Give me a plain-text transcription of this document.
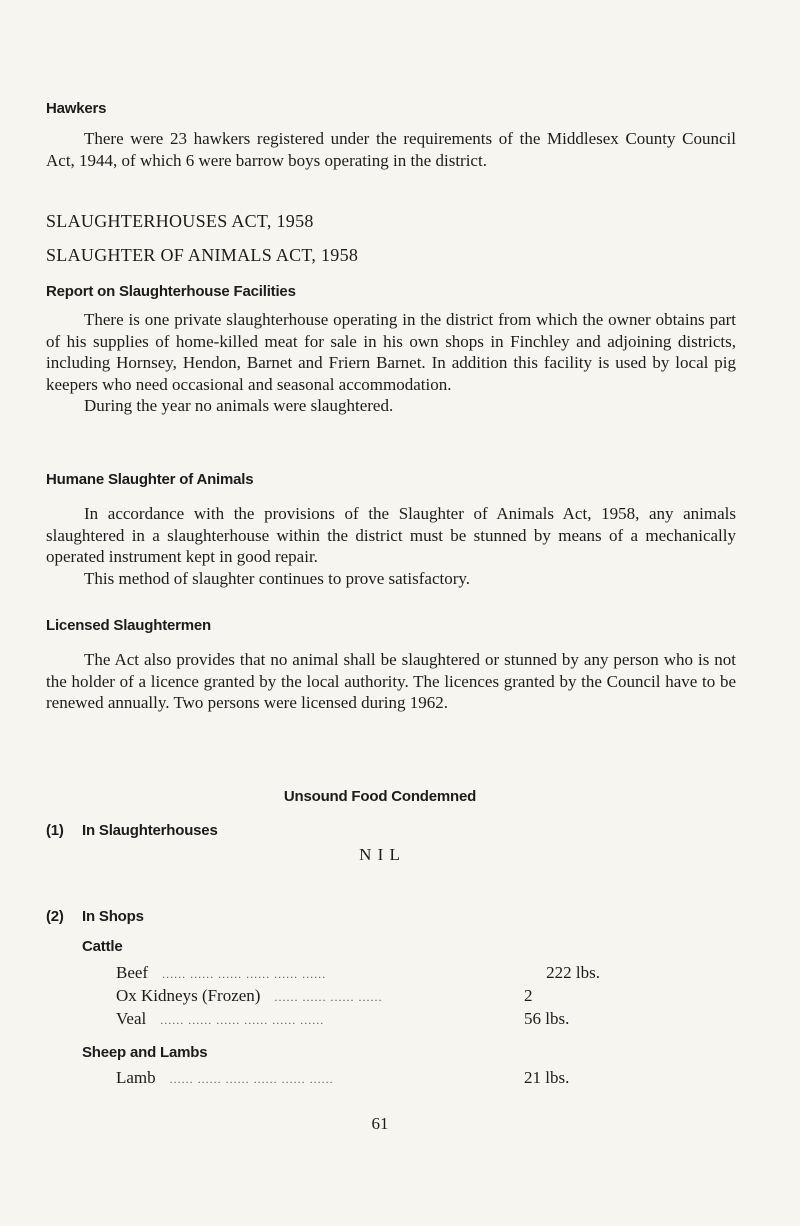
Hawkers

There were 23 hawkers registered under the requirements of the Middlesex County Council Act, 1944, of which 6 were barrow boys operating in the district.

SLAUGHTERHOUSES ACT, 1958
SLAUGHTER OF ANIMALS ACT, 1958
Report on Slaughterhouse Facilities

There is one private slaughterhouse operating in the district from which the owner obtains part of his supplies of home-killed meat for sale in his own shops in Finchley and adjoining districts, including Hornsey, Hendon, Barnet and Friern Barnet. In addition this facility is used by local pig keepers who need occasional and seasonal accommodation.

During the year no animals were slaughtered.

Humane Slaughter of Animals

In accordance with the provisions of the Slaughter of Animals Act, 1958, any animals slaughtered in a slaughterhouse within the district must be stunned by means of a mechanically operated instrument kept in good repair.

This method of slaughter continues to prove satisfactory.

Licensed Slaughtermen

The Act also provides that no animal shall be slaughtered or stunned by any person who is not the holder of a licence granted by the local authority. The licences granted by the Council have to be renewed annually. Two persons were licensed during 1962.

Unsound Food Condemned
(1) In Slaughterhouses
N I L
(2) In Shops
Cattle
Beef	...... ...... ...... ...... ...... ......	222 lbs.
Ox Kidneys (Frozen)	...... ...... ...... ......	2
Veal	...... ...... ...... ...... ...... ......	56 lbs.
Sheep and Lambs
Lamb	...... ...... ...... ...... ...... ......	21 lbs.
61
